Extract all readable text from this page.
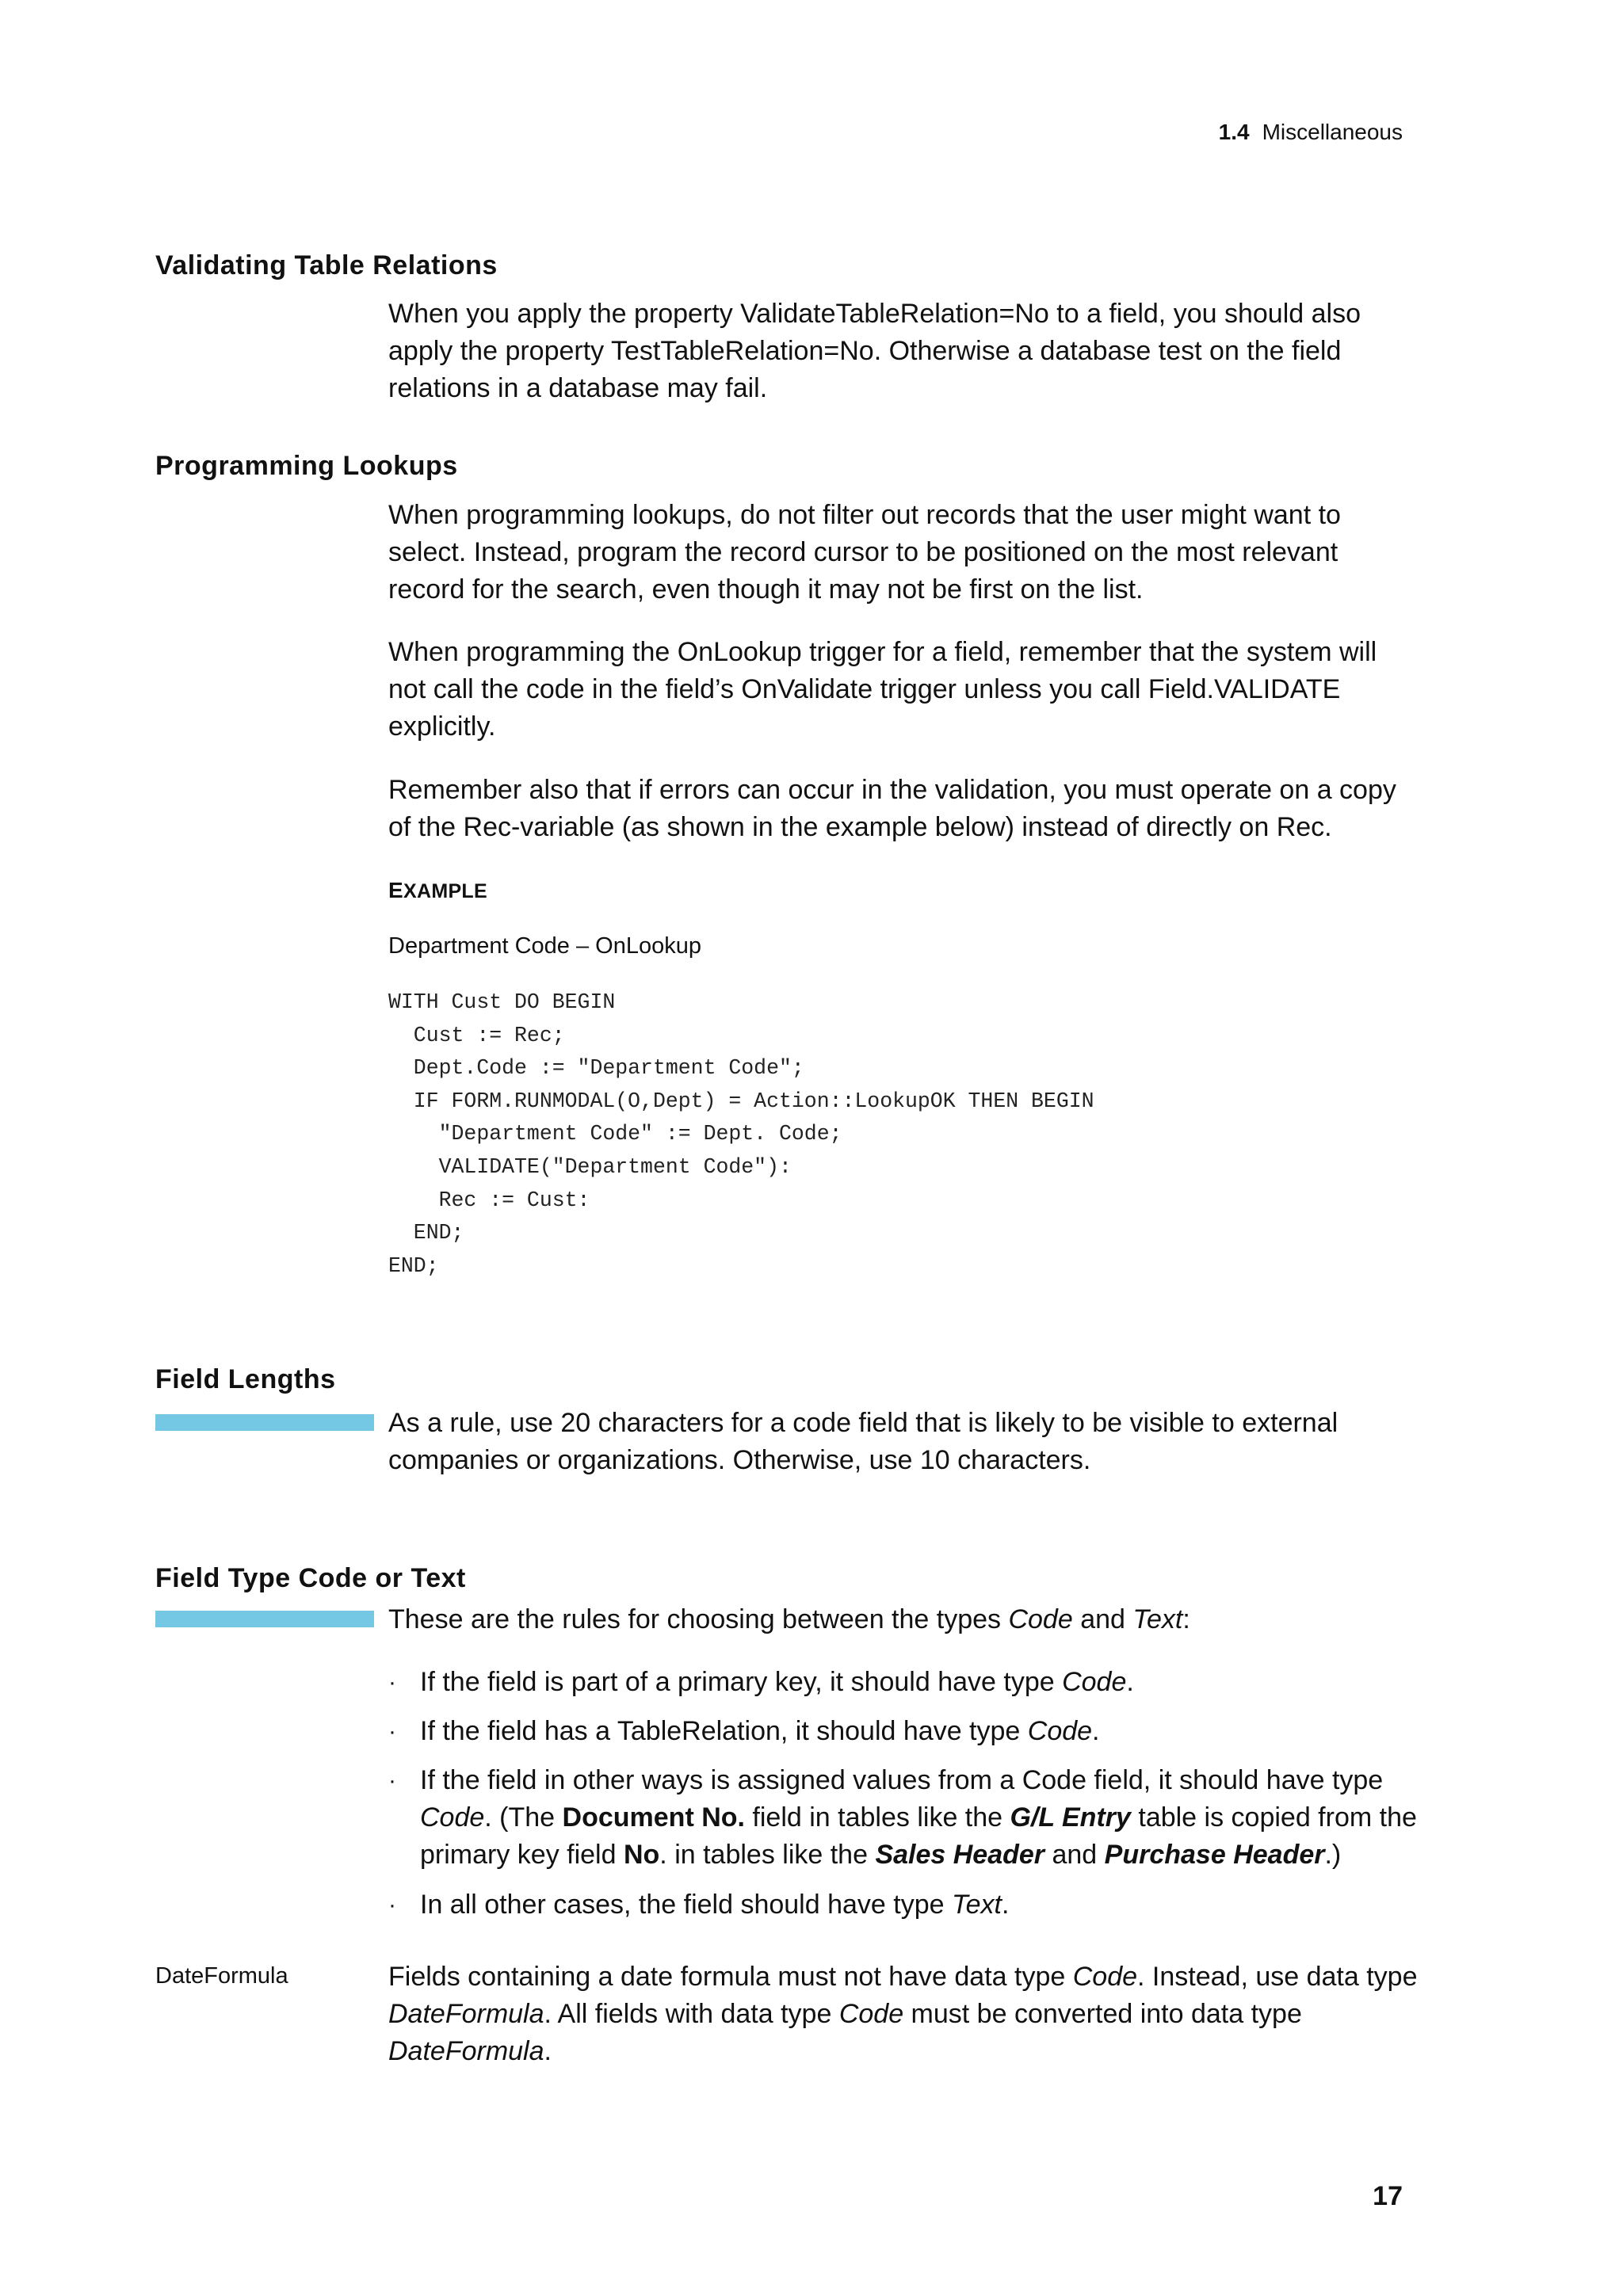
1.4 Miscellaneous
Validating Table Relations

When you apply the property ValidateTableRelation=No to a field, you should also apply the property TestTableRelation=No. Otherwise a database test on the field relations in a database may fail.

Programming Lookups

When programming lookups, do not filter out records that the user might want to select. Instead, program the record cursor to be positioned on the most relevant record for the search, even though it may not be first on the list.

When programming the OnLookup trigger for a field, remember that the system will not call the code in the field’s OnValidate trigger unless you call Field.VALIDATE explicitly.

Remember also that if errors can occur in the validation, you must operate on a copy of the Rec-variable (as shown in the example below) instead of directly on Rec.

EXAMPLE
Department Code – OnLookup
WITH Cust DO BEGIN
Cust := Rec;
Dept.Code := "Department Code";
IF FORM.RUNMODAL(O,Dept) = Action::LookupOK THEN BEGIN
"Department Code" := Dept. Code;
VALIDATE("Department Code"):
Rec := Cust:
END;
END;
Field Lengths

As a rule, use 20 characters for a code field that is likely to be visible to external companies or organizations. Otherwise, use 10 characters.

Field Type Code or Text

These are the rules for choosing between the types Code and Text:

· If the field is part of a primary key, it should have type Code.
· If the field has a TableRelation, it should have type Code.
· If the field in other ways is assigned values from a Code field, it should have type Code. (The Document No. field in tables like the G/L Entry table is copied from the primary key field No. in tables like the Sales Header and Purchase Header.)
· In all other cases, the field should have type Text.
DateFormula	Fields containing a date formula must not have data type Code. Instead, use data type DateFormula. All fields with data type Code must be converted into data type DateFormula.

17
